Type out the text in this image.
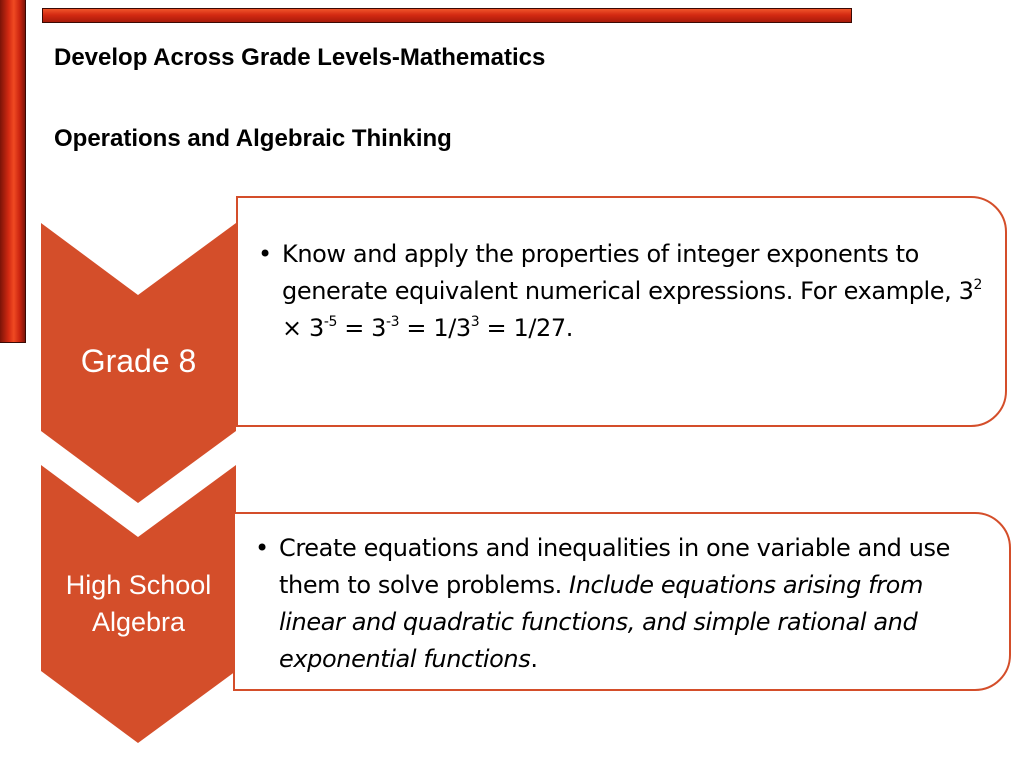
Develop Across Grade Levels-Mathematics
Operations and Algebraic Thinking
Grade 8
• Know and apply the properties of integer exponents to generate equivalent numerical expressions. For example, $3^2 \times 3^{-5} = 3^{-3} = 1/3^3 = 1/27$.
High School
Algebra
• Create equations and inequalities in one variable and use them to solve problems. Include equations arising from linear and quadratic functions, and simple rational and exponential functions.
